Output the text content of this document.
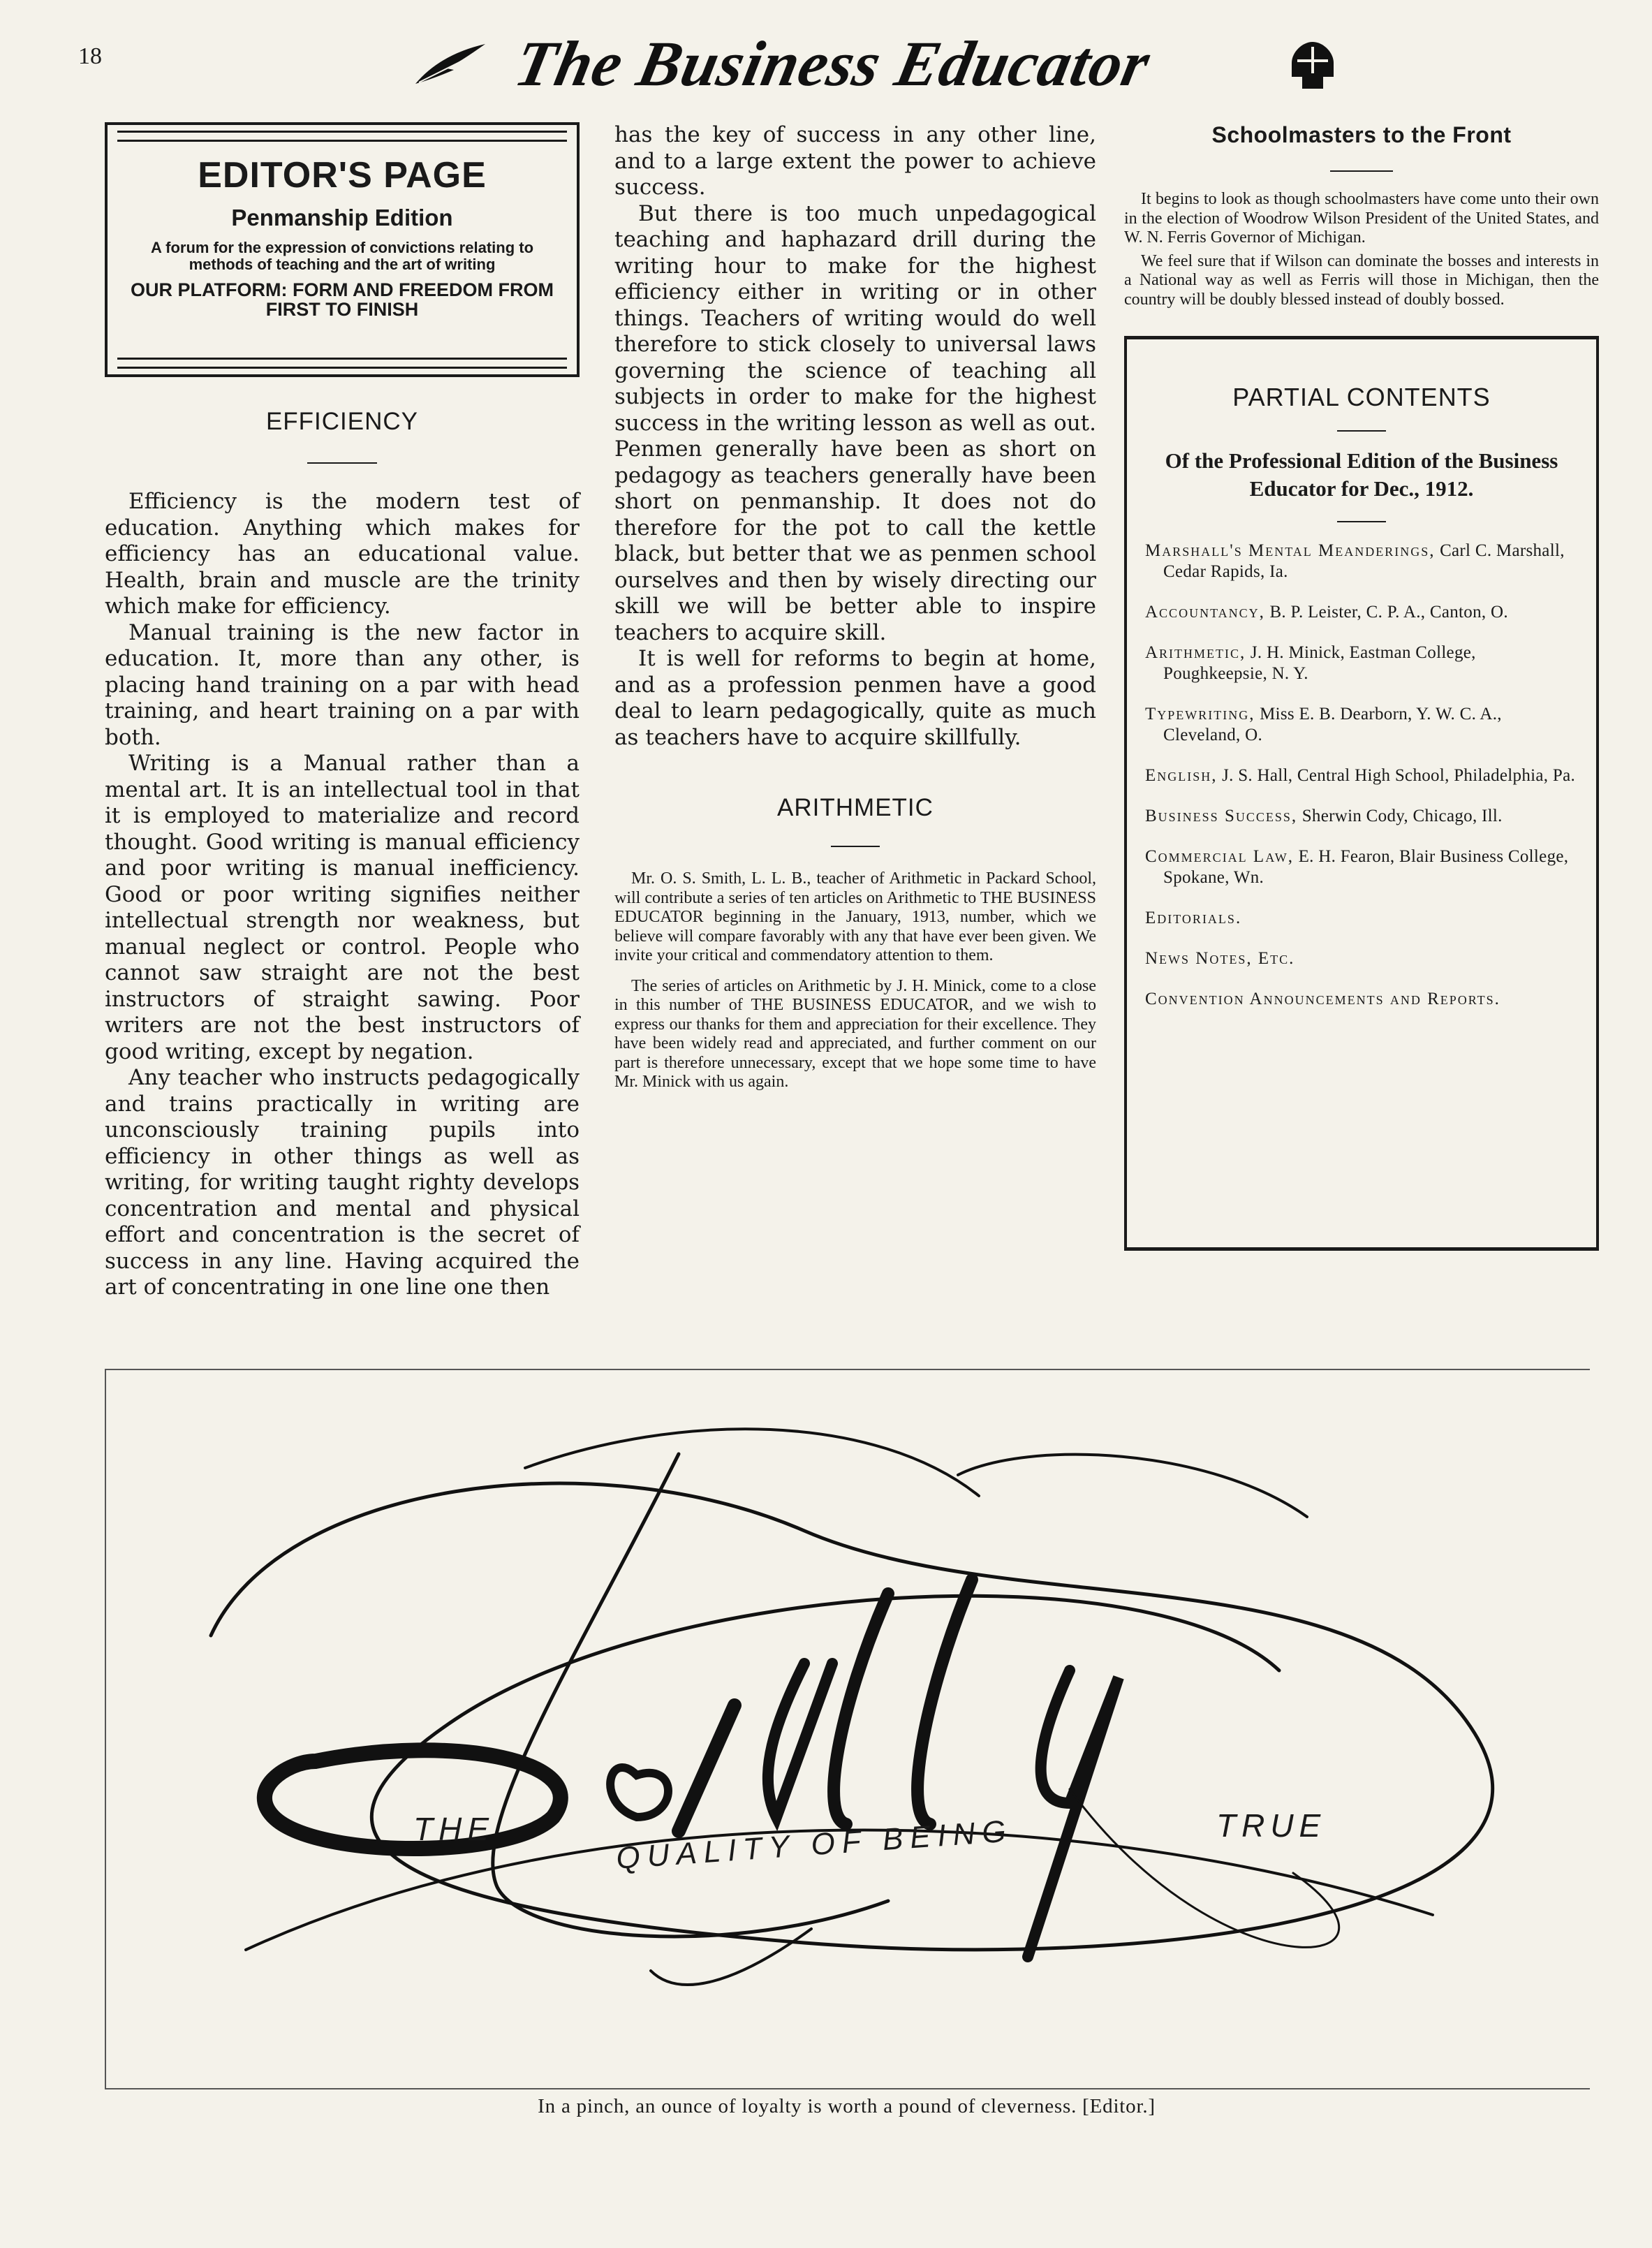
18	The Business Educator
EDITOR'S PAGE
Penmanship Edition
A forum for the expression of convictions relating to methods of teaching and the art of writing
OUR PLATFORM: FORM AND FREEDOM FROM FIRST TO FINISH
EFFICIENCY

Efficiency is the modern test of education. Anything which makes for efficiency has an educational value. Health, brain and muscle are the trinity which make for efficiency.

Manual training is the new factor in education. It, more than any other, is placing hand training on a par with head training, and heart training on a par with both.

Writing is a Manual rather than a mental art. It is an intellectual tool in that it is employed to materialize and record thought. Good writing is manual efficiency and poor writing is manual inefficiency. Good or poor writing signifies neither intellectual strength nor weakness, but manual neglect or control. People who cannot saw straight are not the best instructors of straight sawing. Poor writers are not the best instructors of good writing, except by negation.

Any teacher who instructs pedagogically and trains practically in writing are unconsciously training pupils into efficiency in other things as well as writing, for writing taught righty develops concentration and mental and physical effort and concentration is the secret of success in any line. Having acquired the art of concentrating in one line one then

has the key of success in any other line, and to a large extent the power to achieve success.

But there is too much unpedagogical teaching and haphazard drill during the writing hour to make for the highest efficiency either in writing or in other things. Teachers of writing would do well therefore to stick closely to universal laws governing the science of teaching all subjects in order to make for the highest success in the writing lesson as well as out. Penmen generally have been as short on pedagogy as teachers generally have been short on penmanship. It does not do therefore for the pot to call the kettle black, but better that we as penmen school ourselves and then by wisely directing our skill we will be better able to inspire teachers to acquire skill.

It is well for reforms to begin at home, and as a profession penmen have a good deal to learn pedagogically, quite as much as teachers have to acquire skillfully.

ARITHMETIC

Mr. O. S. Smith, L. L. B., teacher of Arithmetic in Packard School, will contribute a series of ten articles on Arithmetic to THE BUSINESS EDUCATOR beginning in the January, 1913, number, which we believe will compare favorably with any that have ever been given. We invite your critical and commendatory attention to them.

The series of articles on Arithmetic by J. H. Minick, come to a close in this number of THE BUSINESS EDUCATOR, and we wish to express our thanks for them and appreciation for their excellence. They have been widely read and appreciated, and further comment on our part is therefore unnecessary, except that we hope some time to have Mr. Minick with us again.

Schoolmasters to the Front

It begins to look as though schoolmasters have come unto their own in the election of Woodrow Wilson President of the United States, and W. N. Ferris Governor of Michigan.

We feel sure that if Wilson can dominate the bosses and interests in a National way as well as Ferris will those in Michigan, then the country will be doubly blessed instead of doubly bossed.

PARTIAL CONTENTS
Of the Professional Edition of the Business Educator for Dec., 1912.
Marshall's Mental Meanderings, Carl C. Marshall, Cedar Rapids, Ia.
Accountancy, B. P. Leister, C. P. A., Canton, O.
Arithmetic, J. H. Minick, Eastman College, Poughkeepsie, N. Y.
Typewriting, Miss E. B. Dearborn, Y. W. C. A., Cleveland, O.
English, J. S. Hall, Central High School, Philadelphia, Pa.
Business Success, Sherwin Cody, Chicago, Ill.
Commercial Law, E. H. Fearon, Blair Business College, Spokane, Wn.
Editorials.
News Notes, Etc.
Convention Announcements and Reports.
THE	QUALITY OF BEING	TRUE
In a pinch, an ounce of loyalty is worth a pound of cleverness. [Editor.]
